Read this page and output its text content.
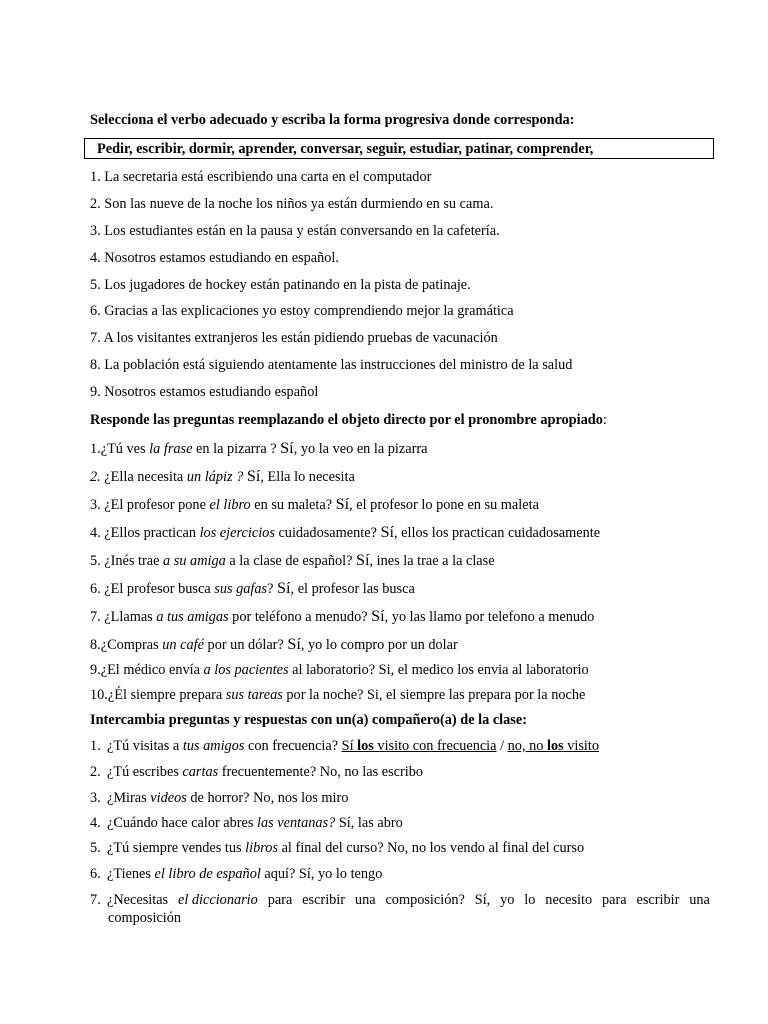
Selecciona el verbo adecuado y escriba la forma progresiva donde corresponda:
Pedir, escribir, dormir, aprender, conversar, seguir, estudiar, patinar, comprender,
1. La secretaria está escribiendo una carta en el computador
2. Son las nueve de la noche los niños ya están durmiendo en su cama.
3. Los estudiantes están en la pausa y están conversando en la cafetería.
4. Nosotros estamos estudiando en español.
5. Los jugadores de hockey están patinando en la pista de patinaje.
6. Gracias a las explicaciones yo estoy comprendiendo mejor la gramática
7. A los visitantes extranjeros les están pidiendo pruebas de vacunación
8. La población está siguiendo atentamente las instrucciones del ministro de la salud
9. Nosotros estamos estudiando español
Responde las preguntas reemplazando el objeto directo por el pronombre apropiado:
1.¿Tú ves la frase en la pizarra ? Sí, yo la veo en la pizarra
2. ¿Ella necesita un lápiz ? Sí, Ella lo necesita
3. ¿El profesor pone el libro en su maleta? Sí, el profesor lo pone en su maleta
4. ¿Ellos practican los ejercicios cuidadosamente? Sí, ellos los practican cuidadosamente
5. ¿Inés trae a su amiga a la clase de español? Sí, ines la trae a la clase
6. ¿El profesor busca sus gafas? Sí, el profesor las busca
7. ¿Llamas a tus amigas por teléfono a menudo? Sí, yo las llamo por telefono a menudo
8.¿Compras un café por un dólar? Sí, yo lo compro por un dolar
9.¿El médico envía a los pacientes al laboratorio? Si, el medico los envia al laboratorio
10.¿Él siempre prepara sus tareas por la noche? Si, el siempre las prepara por la noche
Intercambia preguntas y respuestas con un(a) compañero(a) de la clase:
1. ¿Tú visitas a tus amigos con frecuencia? Sí los visito con frecuencia / no, no los visito
2. ¿Tú escribes cartas frecuentemente? No, no las escribo
3. ¿Miras videos de horror? No, nos los miro
4. ¿Cuándo hace calor abres las ventanas? Sí, las abro
5. ¿Tú siempre vendes tus libros al final del curso? No, no los vendo al final del curso
6. ¿Tienes el libro de español aquí? Sí, yo lo tengo
7. ¿Necesitas el diccionario para escribir una composición? Sí, yo lo necesito para escribir una
composición
